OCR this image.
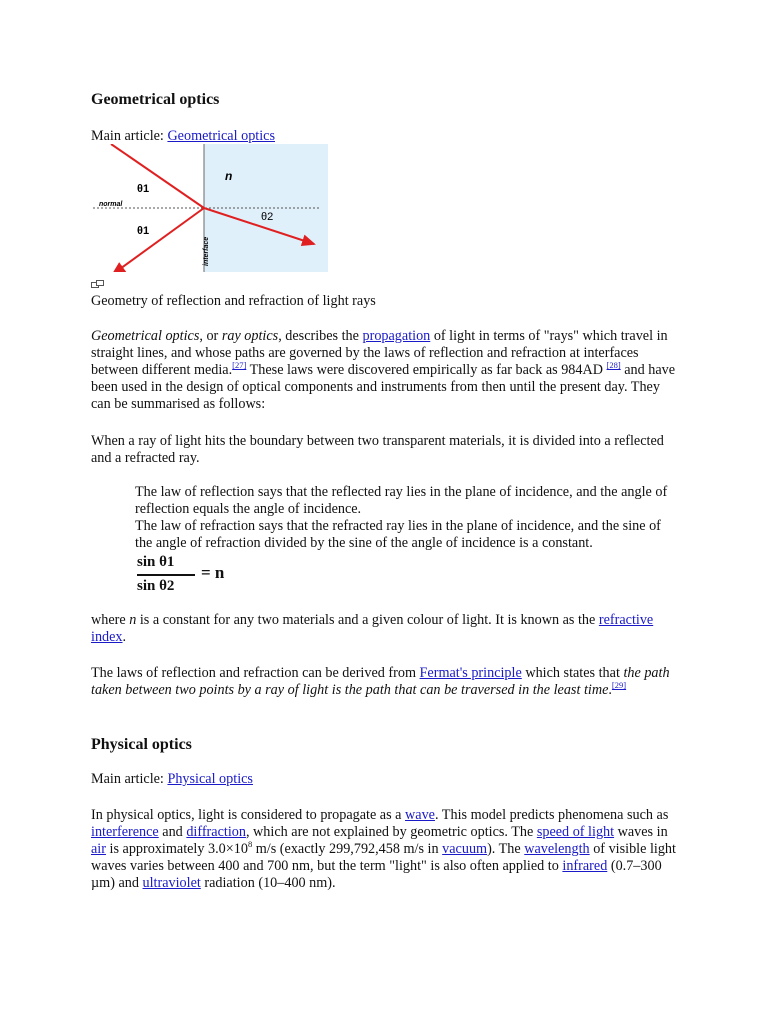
Geometrical optics
Main article: Geometrical optics
n
θ1
θ1
θ2
normal
interface
Geometry of reflection and refraction of light rays
Geometrical optics, or ray optics, describes the propagation of light in terms of "rays" which travel in straight lines, and whose paths are governed by the laws of reflection and refraction at interfaces between different media.[27] These laws were discovered empirically as far back as 984AD [28] and have been used in the design of optical components and instruments from then until the present day. They can be summarised as follows:
When a ray of light hits the boundary between two transparent materials, it is divided into a reflected and a refracted ray.
The law of reflection says that the reflected ray lies in the plane of incidence, and the angle of reflection equals the angle of incidence.
The law of refraction says that the refracted ray lies in the plane of incidence, and the sine of the angle of refraction divided by the sine of the angle of incidence is a constant.
sin θ1
sin θ2
= n
where n is a constant for any two materials and a given colour of light. It is known as the refractive index.
The laws of reflection and refraction can be derived from Fermat's principle which states that the path taken between two points by a ray of light is the path that can be traversed in the least time.[29]
Physical optics
Main article: Physical optics
In physical optics, light is considered to propagate as a wave. This model predicts phenomena such as interference and diffraction, which are not explained by geometric optics. The speed of light waves in air is approximately $3.0\times 10^8$ m/s (exactly 299,792,458 m/s in vacuum). The wavelength of visible light waves varies between 400 and 700 nm, but the term "light" is also often applied to infrared (0.7–300 µm) and ultraviolet radiation (10–400 nm).
